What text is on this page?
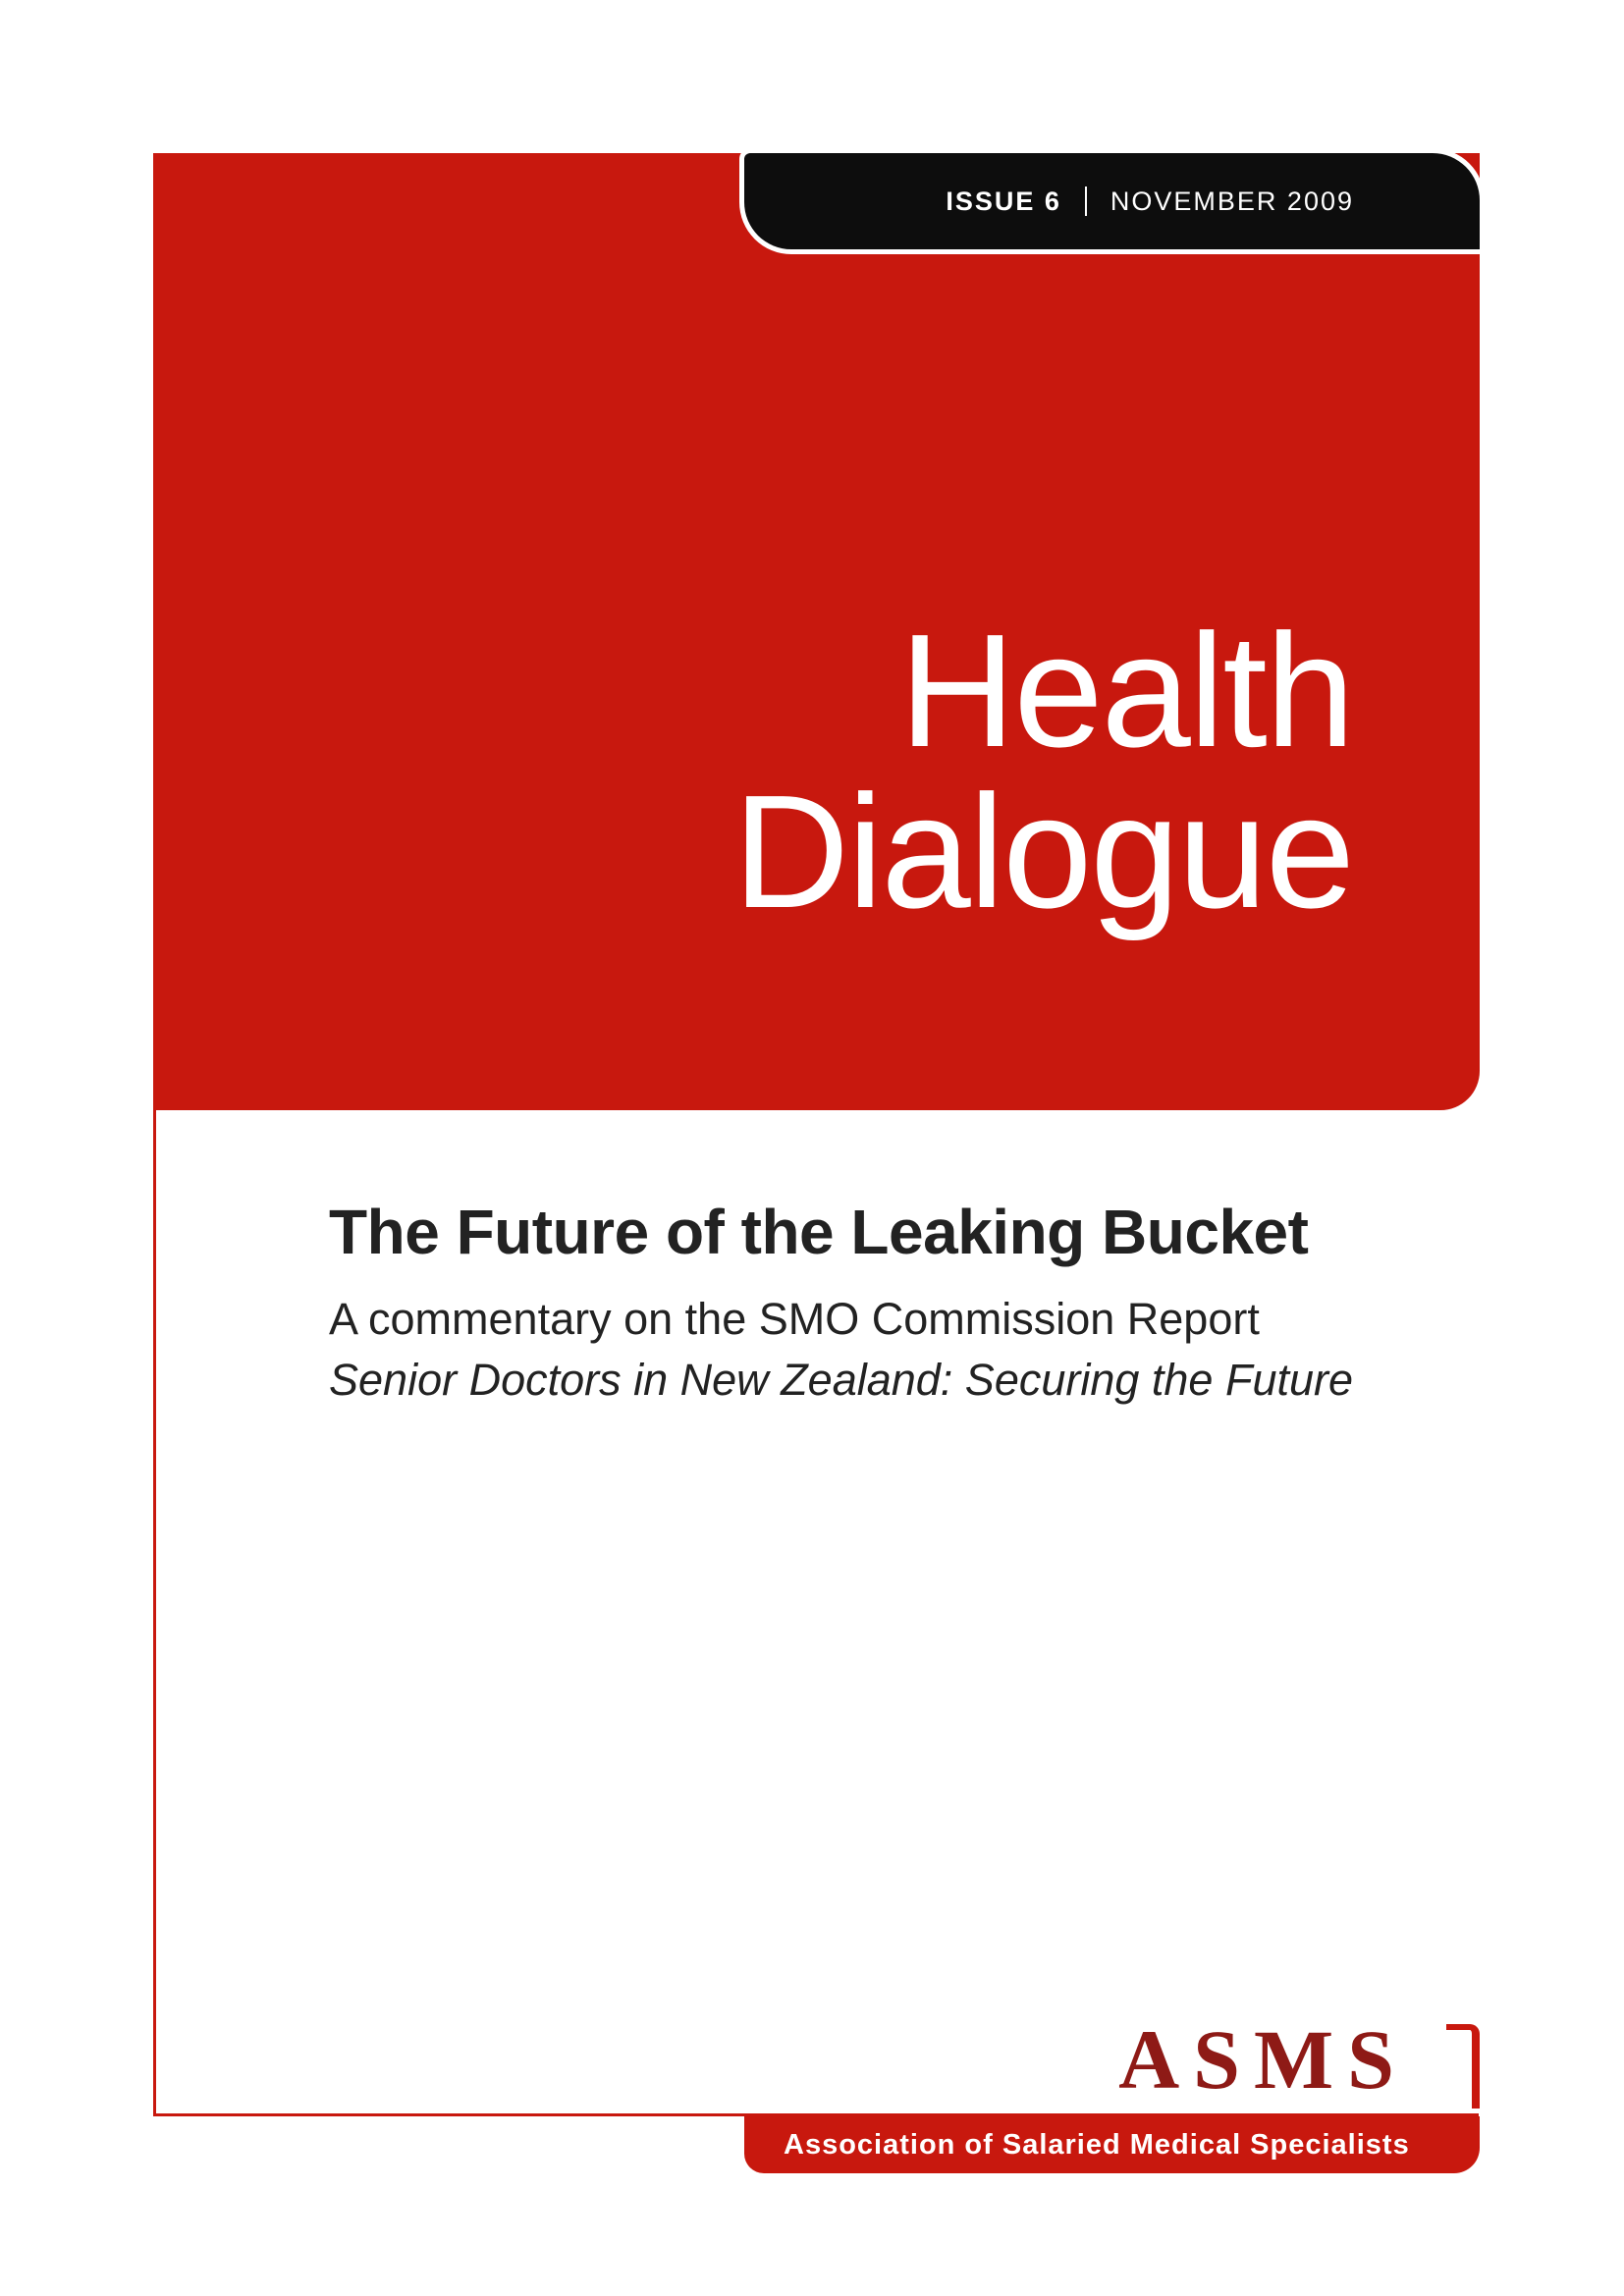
ISSUE 6 NOVEMBER 2009
Health
Dialogue
The Future of the Leaking Bucket
A commentary on the SMO Commission Report
Senior Doctors in New Zealand: Securing the Future
ASMS
Association of Salaried Medical Specialists
